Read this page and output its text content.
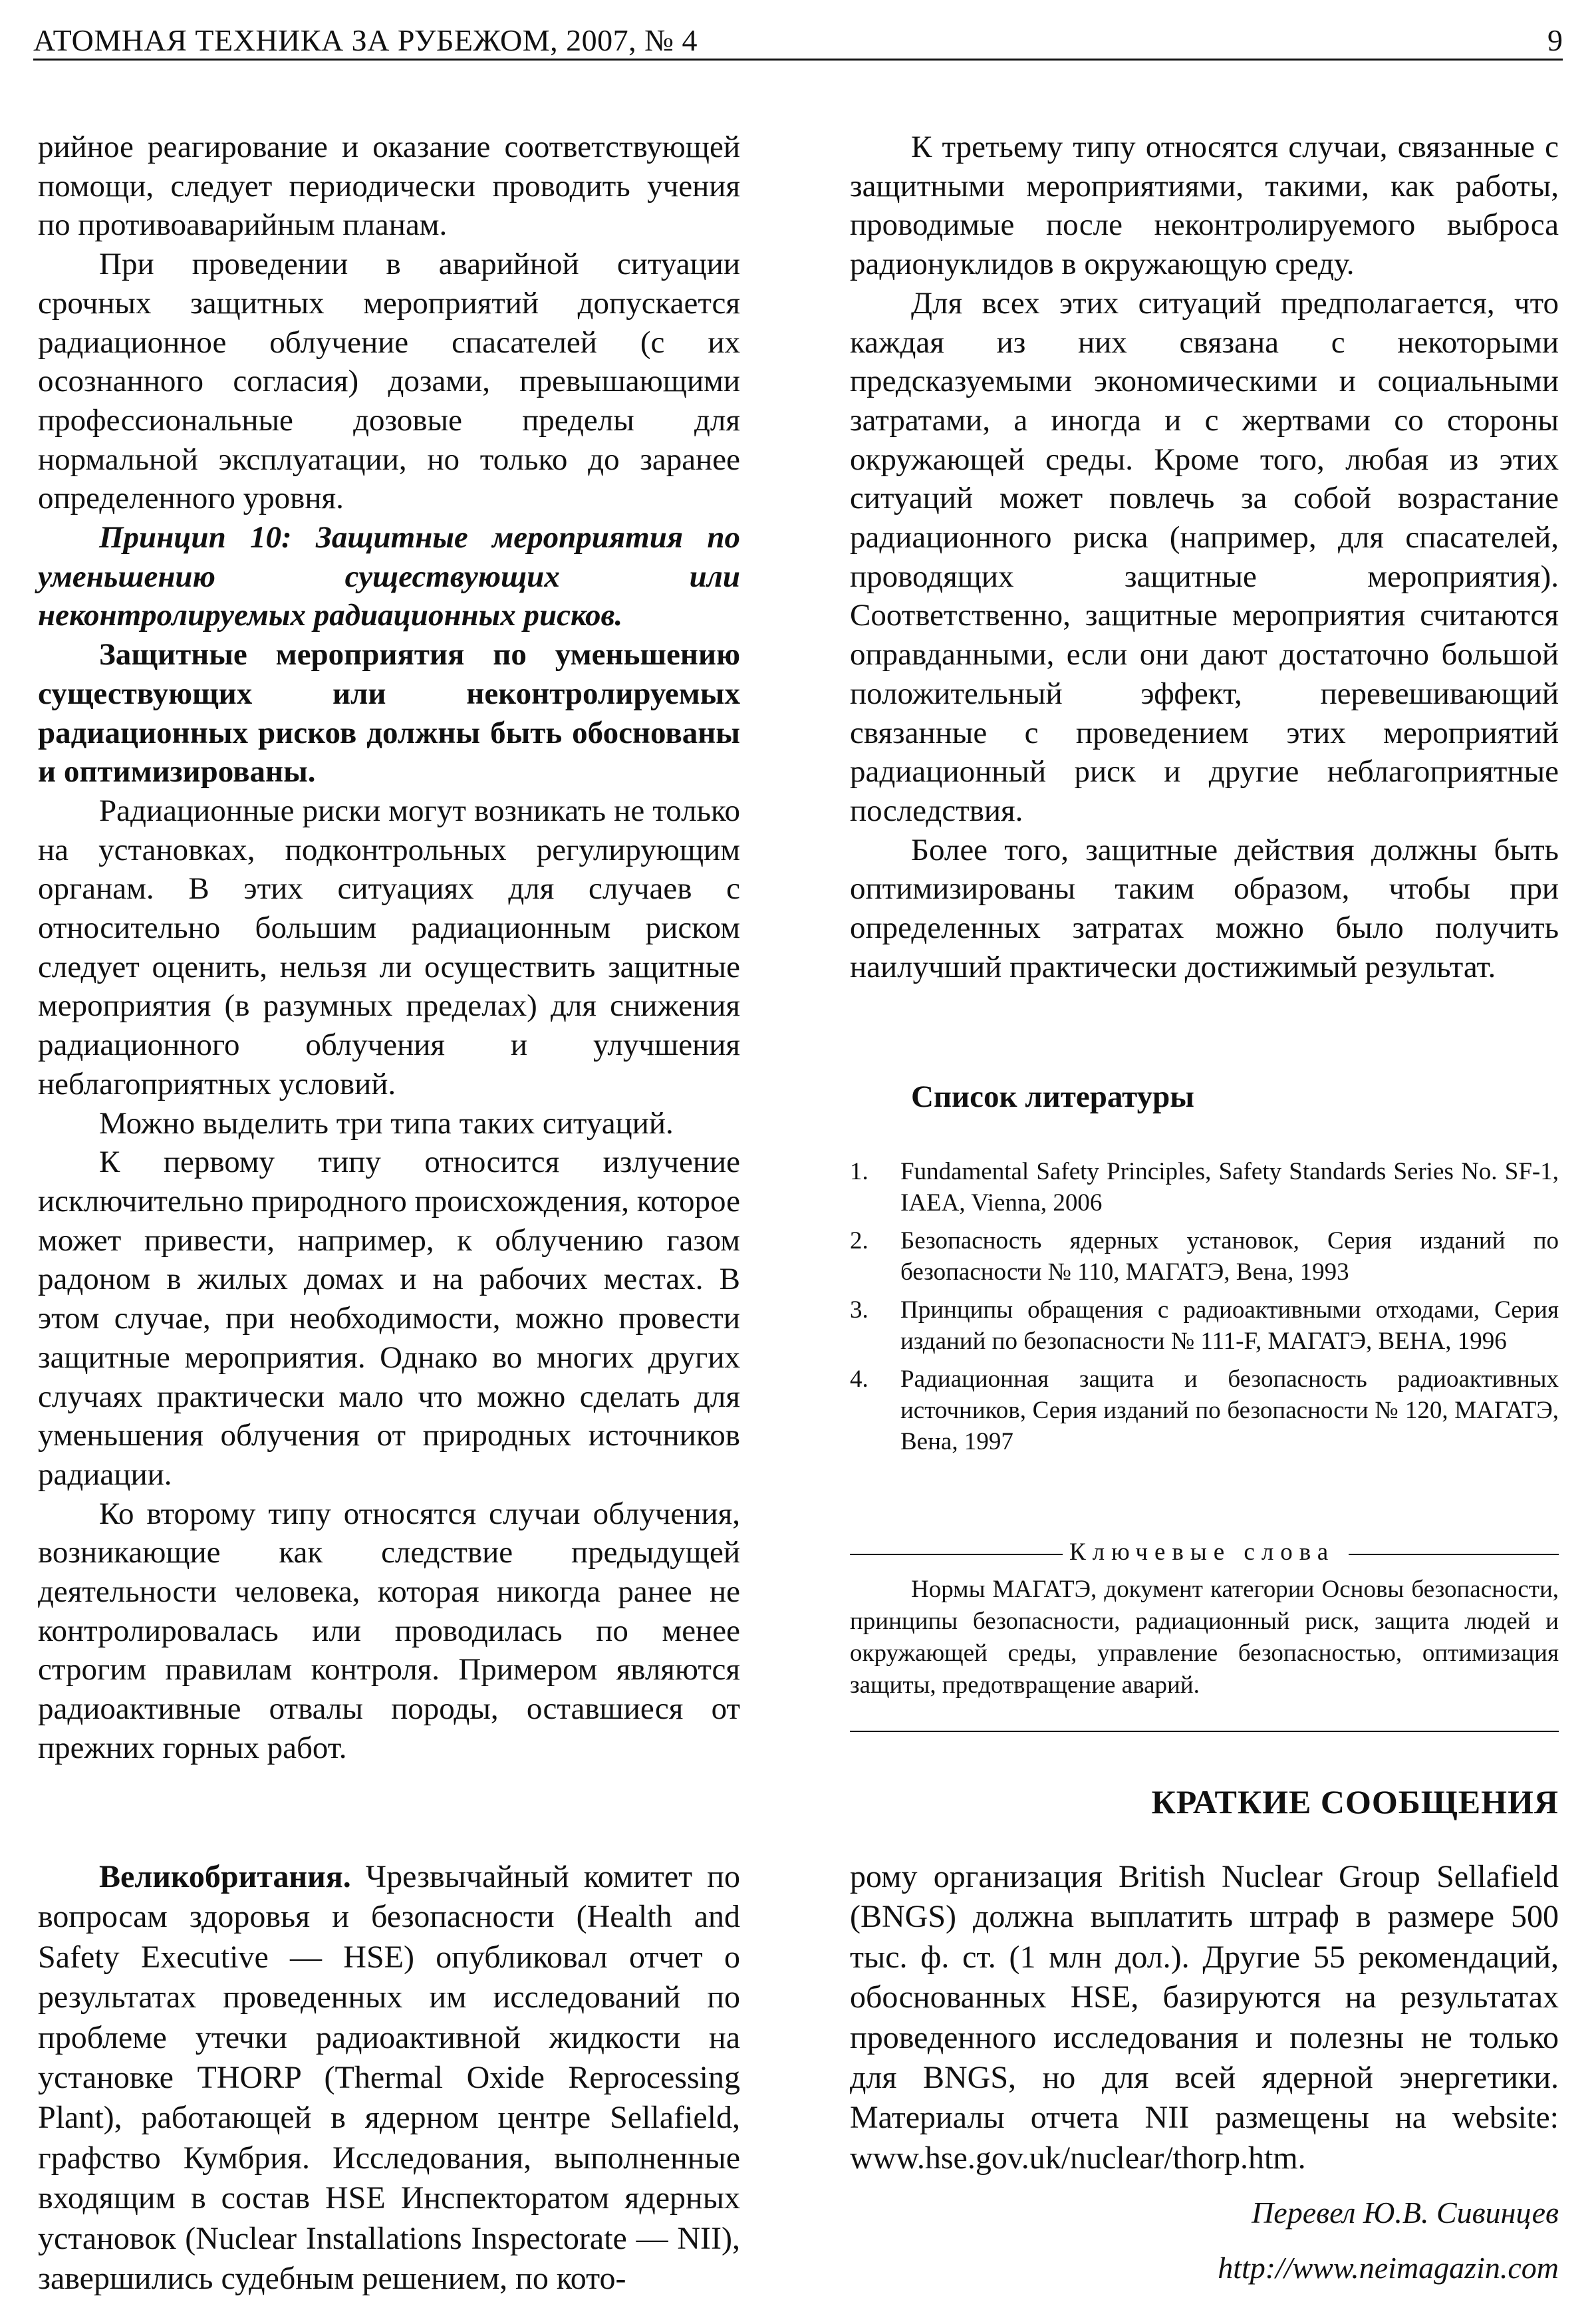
АТОМНАЯ ТЕХНИКА ЗА РУБЕЖОМ, 2007, № 4	9

рийное реагирование и оказание соответствующей помощи, следует периодически проводить учения по противоаварийным планам.

При проведении в аварийной ситуации срочных защитных мероприятий допускается радиационное облучение спасателей (с их осознанного согласия) дозами, превышающими профессиональные дозовые пределы для нормальной эксплуатации, но только до заранее определенного уровня.

Принцип 10: Защитные мероприятия по уменьшению существующих или неконтролируемых радиационных рисков.

Защитные мероприятия по уменьшению существующих или неконтролируемых радиационных рисков должны быть обоснованы и оптимизированы.

Радиационные риски могут возникать не только на установках, подконтрольных регулирующим органам. В этих ситуациях для случаев с относительно большим радиационным риском следует оценить, нельзя ли осуществить защитные мероприятия (в разумных пределах) для снижения радиационного облучения и улучшения неблагоприятных условий.

Можно выделить три типа таких ситуаций.

К первому типу относится излучение исключительно природного происхождения, которое может привести, например, к облучению газом радоном в жилых домах и на рабочих местах. В этом случае, при необходимости, можно провести защитные мероприятия. Однако во многих других случаях практически мало что можно сделать для уменьшения облучения от природных источников радиации.

Ко второму типу относятся случаи облучения, возникающие как следствие предыдущей деятельности человека, которая никогда ранее не контролировалась или проводилась по менее строгим правилам контроля. Примером являются радиоактивные отвалы породы, оставшиеся от прежних горных работ.

К третьему типу относятся случаи, связанные с защитными мероприятиями, такими, как работы, проводимые после неконтролируемого выброса радионуклидов в окружающую среду.

Для всех этих ситуаций предполагается, что каждая из них связана с некоторыми предсказуемыми экономическими и социальными затратами, а иногда и с жертвами со стороны окружающей среды. Кроме того, любая из этих ситуаций может повлечь за собой возрастание радиационного риска (например, для спасателей, проводящих защитные мероприятия). Соответственно, защитные мероприятия считаются оправданными, если они дают достаточно большой положительный эффект, перевешивающий связанные с проведением этих мероприятий радиационный риск и другие неблагоприятные последствия.

Более того, защитные действия должны быть оптимизированы таким образом, чтобы при определенных затратах можно было получить наилучший практически достижимый результат.

Список литературы
1. Fundamental Safety Principles, Safety Standards Series No. SF-1, IAEA, Vienna, 2006
2. Безопасность ядерных установок, Серия изданий по безопасности № 110, МАГАТЭ, Вена, 1993
3. Принципы обращения с радиоактивными отходами, Серия изданий по безопасности № 111-F, МАГАТЭ, ВЕНА, 1996
4. Радиационная защита и безопасность радиоактивных источников, Серия изданий по безопасности № 120, МАГАТЭ, Вена, 1997
Ключевые слова
Нормы МАГАТЭ, документ категории Основы безопасности, принципы безопасности, радиационный риск, защита людей и окружающей среды, управление безопасностью, оптимизация защиты, предотвращение аварий.
КРАТКИЕ СООБЩЕНИЯ

Великобритания. Чрезвычайный комитет по вопросам здоровья и безопасности (Health and Safety Executive — HSE) опубликовал отчет о результатах проведенных им исследований по проблеме утечки радиоактивной жидкости на установке THORP (Thermal Oxide Reprocessing Plant), работающей в ядерном центре Sellafield, графство Кумбрия. Исследования, выполненные входящим в состав HSE Инспекторатом ядерных установок (Nuclear Installations Inspectorate — NII), завершились судебным решением, по кото-

рому организация British Nuclear Group Sellafield (BNGS) должна выплатить штраф в размере 500 тыс. ф. ст. (1 млн дол.). Другие 55 рекомендаций, обоснованных HSE, базируются на результатах проведенного исследования и полезны не только для BNGS, но для всей ядерной энергетики. Материалы отчета NII размещены на website: www.hse.gov.uk/nuclear/thorp.htm.

Перевел Ю.В. Сивинцев
http://www.neimagazin.com
